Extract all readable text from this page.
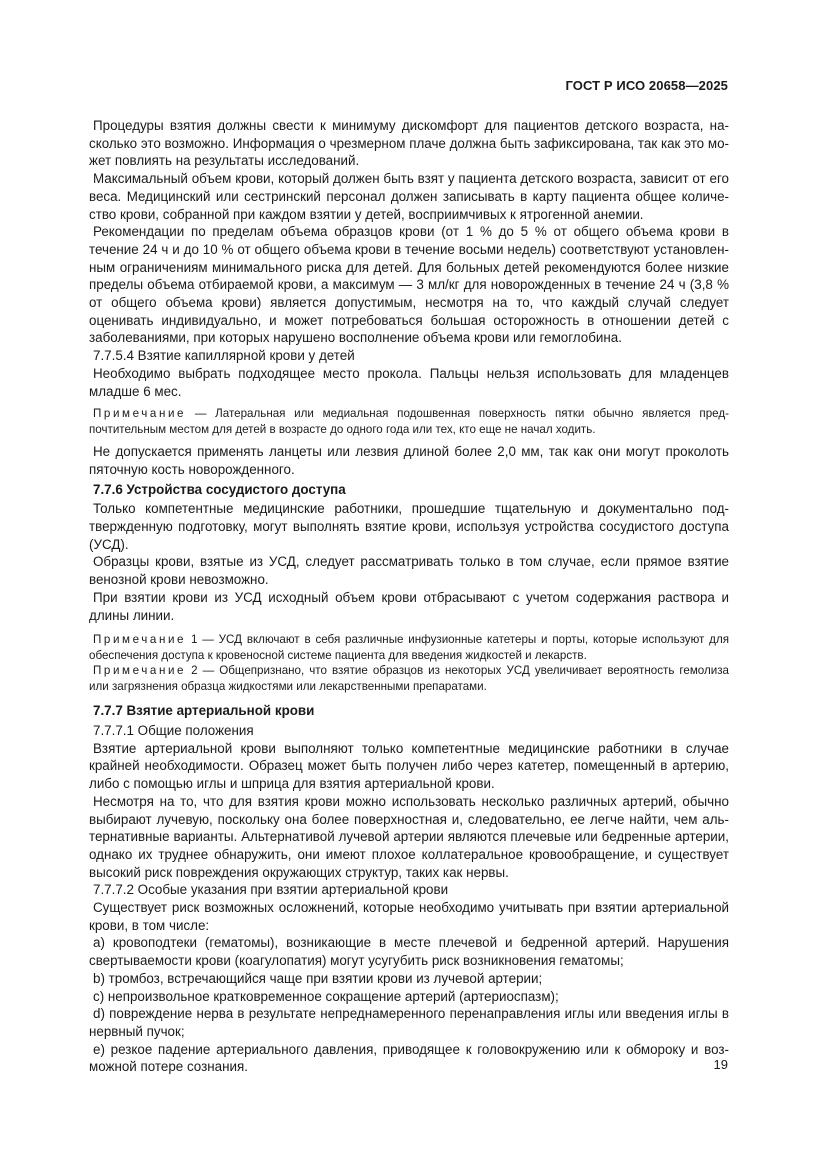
ГОСТ Р ИСО 20658—2025

Процедуры взятия должны свести к минимуму дискомфорт для пациентов детского возраста, насколько это возможно. Информация о чрезмерном плаче должна быть зафиксирована, так как это может повлиять на результаты исследований.

Максимальный объем крови, который должен быть взят у пациента детского возраста, зависит от его веса. Медицинский или сестринский персонал должен записывать в карту пациента общее количество крови, собранной при каждом взятии у детей, восприимчивых к ятрогенной анемии.

Рекомендации по пределам объема образцов крови (от 1 % до 5 % от общего объема крови в течение 24 ч и до 10 % от общего объема крови в течение восьми недель) соответствуют установленным ограничениям минимального риска для детей. Для больных детей рекомендуются более низкие пределы объема отбираемой крови, а максимум — 3 мл/кг для новорожденных в течение 24 ч (3,8 % от общего объема крови) является допустимым, несмотря на то, что каждый случай следует оценивать индивидуально, и может потребоваться большая осторожность в отношении детей с заболеваниями, при которых нарушено восполнение объема крови или гемоглобина.

7.7.5.4 Взятие капиллярной крови у детей

Необходимо выбрать подходящее место прокола. Пальцы нельзя использовать для младенцев младше 6 мес.

Примечание — Латеральная или медиальная подошвенная поверхность пятки обычно является предпочтительным местом для детей в возрасте до одного года или тех, кто еще не начал ходить.

Не допускается применять ланцеты или лезвия длиной более 2,0 мм, так как они могут проколоть пяточную кость новорожденного.

7.7.6 Устройства сосудистого доступа

Только компетентные медицинские работники, прошедшие тщательную и документально подтвержденную подготовку, могут выполнять взятие крови, используя устройства сосудистого доступа (УСД).

Образцы крови, взятые из УСД, следует рассматривать только в том случае, если прямое взятие венозной крови невозможно.

При взятии крови из УСД исходный объем крови отбрасывают с учетом содержания раствора и длины линии.

Примечание 1 — УСД включают в себя различные инфузионные катетеры и порты, которые используют для обеспечения доступа к кровеносной системе пациента для введения жидкостей и лекарств.

Примечание 2 — Общепризнано, что взятие образцов из некоторых УСД увеличивает вероятность гемолиза или загрязнения образца жидкостями или лекарственными препаратами.

7.7.7 Взятие артериальной крови

7.7.7.1 Общие положения

Взятие артериальной крови выполняют только компетентные медицинские работники в случае крайней необходимости. Образец может быть получен либо через катетер, помещенный в артерию, либо с помощью иглы и шприца для взятия артериальной крови.

Несмотря на то, что для взятия крови можно использовать несколько различных артерий, обычно выбирают лучевую, поскольку она более поверхностная и, следовательно, ее легче найти, чем альтернативные варианты. Альтернативой лучевой артерии являются плечевые или бедренные артерии, однако их труднее обнаружить, они имеют плохое коллатеральное кровообращение, и существует высокий риск повреждения окружающих структур, таких как нервы.

7.7.7.2 Особые указания при взятии артериальной крови

Существует риск возможных осложнений, которые необходимо учитывать при взятии артериальной крови, в том числе:

a) кровоподтеки (гематомы), возникающие в месте плечевой и бедренной артерий. Нарушения свертываемости крови (коагулопатия) могут усугубить риск возникновения гематомы;

b) тромбоз, встречающийся чаще при взятии крови из лучевой артерии;

c) непроизвольное кратковременное сокращение артерий (артериоспазм);

d) повреждение нерва в результате непреднамеренного перенаправления иглы или введения иглы в нервный пучок;

e) резкое падение артериального давления, приводящее к головокружению или к обмороку и возможной потере сознания.	19
